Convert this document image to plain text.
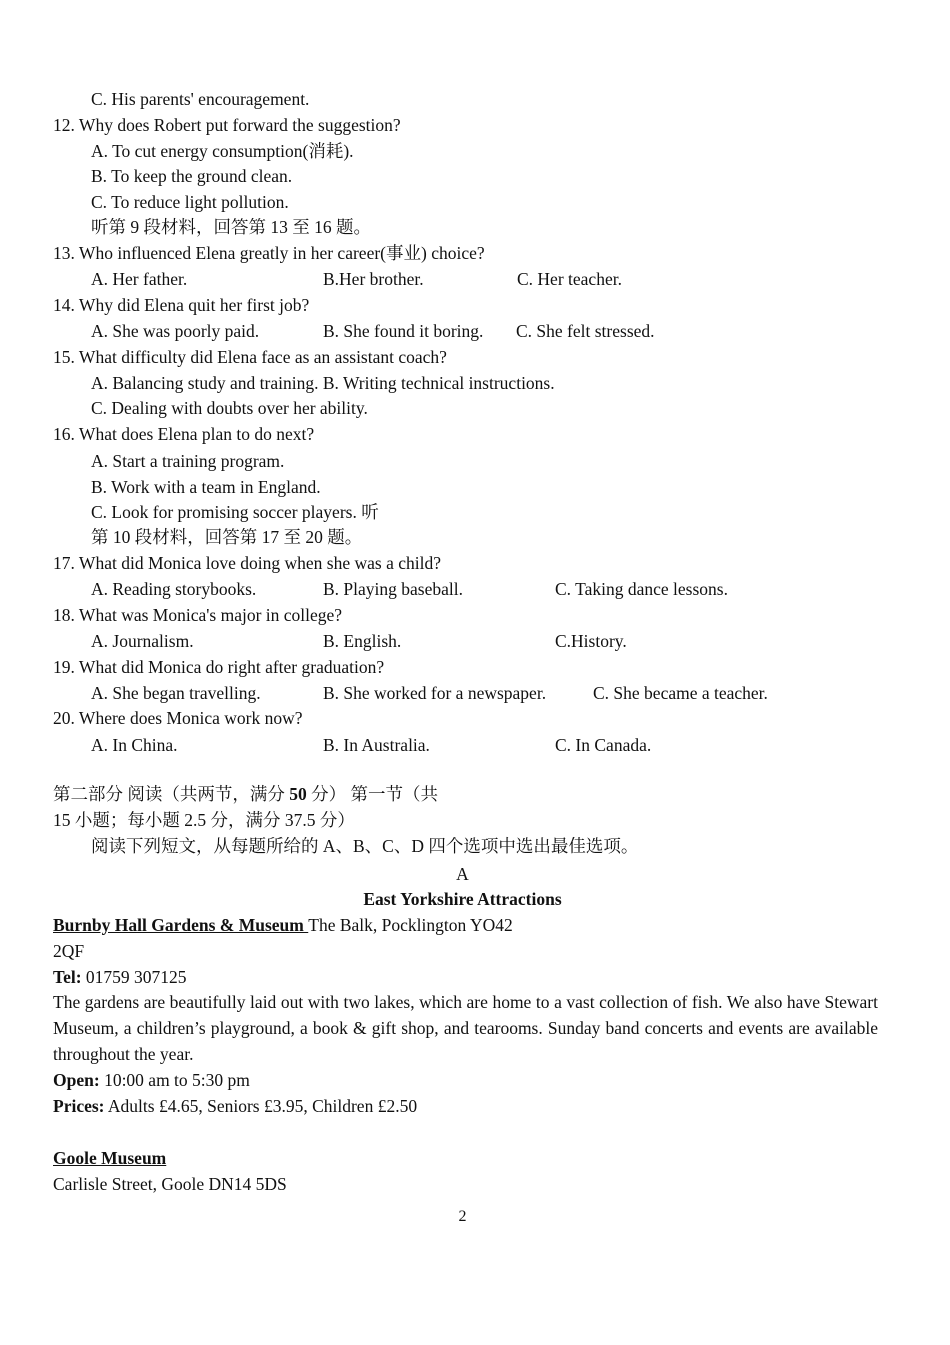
C. His parents' encouragement.
12. Why does Robert put forward the suggestion?
A. To cut energy consumption(消耗).
B. To keep the ground clean.
C. To reduce light pollution.
听第 9 段材料，回答第 13 至 16 题。
13. Who influenced Elena greatly in her career(事业) choice?
A. Her father.	B.Her brother.	C. Her teacher.
14. Why did Elena quit her first job?
A. She was poorly paid.	B. She found it boring. C. She felt stressed.
15. What difficulty did Elena face as an assistant coach?
A. Balancing study and training. B. Writing technical instructions.
C. Dealing with doubts over her ability.
16. What does Elena plan to do next?
A. Start a training program.
B. Work with a team in England.
C. Look for promising soccer players. 听
第 10 段材料，回答第 17 至 20 题。
17. What did Monica love doing when she was a child?
A. Reading storybooks.	B. Playing baseball.	C. Taking dance lessons.
18. What was Monica's major in college?
A. Journalism.	B. English.	C.History.
19. What did Monica do right after graduation?
A. She began travelling.	B. She worked for a newspaper.	C. She became a teacher.
20. Where does Monica work now?
A. In China.	B. In Australia.	C. In Canada.
第二部分 阅读（共两节，满分 50 分） 第一节（共
15 小题；每小题 2.5 分，满分 37.5 分）
阅读下列短文，从每题所给的 A、B、C、D 四个选项中选出最佳选项。
A
East Yorkshire Attractions
Burnby Hall Gardens & Museum The Balk, Pocklington YO42
2QF
Tel: 01759 307125
The gardens are beautifully laid out with two lakes, which are home to a vast collection of fish. We also have Stewart Museum, a children’s playground, a book & gift shop, and tearooms. Sunday band concerts and events are available throughout the year.
Open: 10:00 am to 5:30 pm
Prices: Adults £4.65, Seniors £3.95, Children £2.50
Goole Museum
Carlisle Street, Goole DN14 5DS
2
